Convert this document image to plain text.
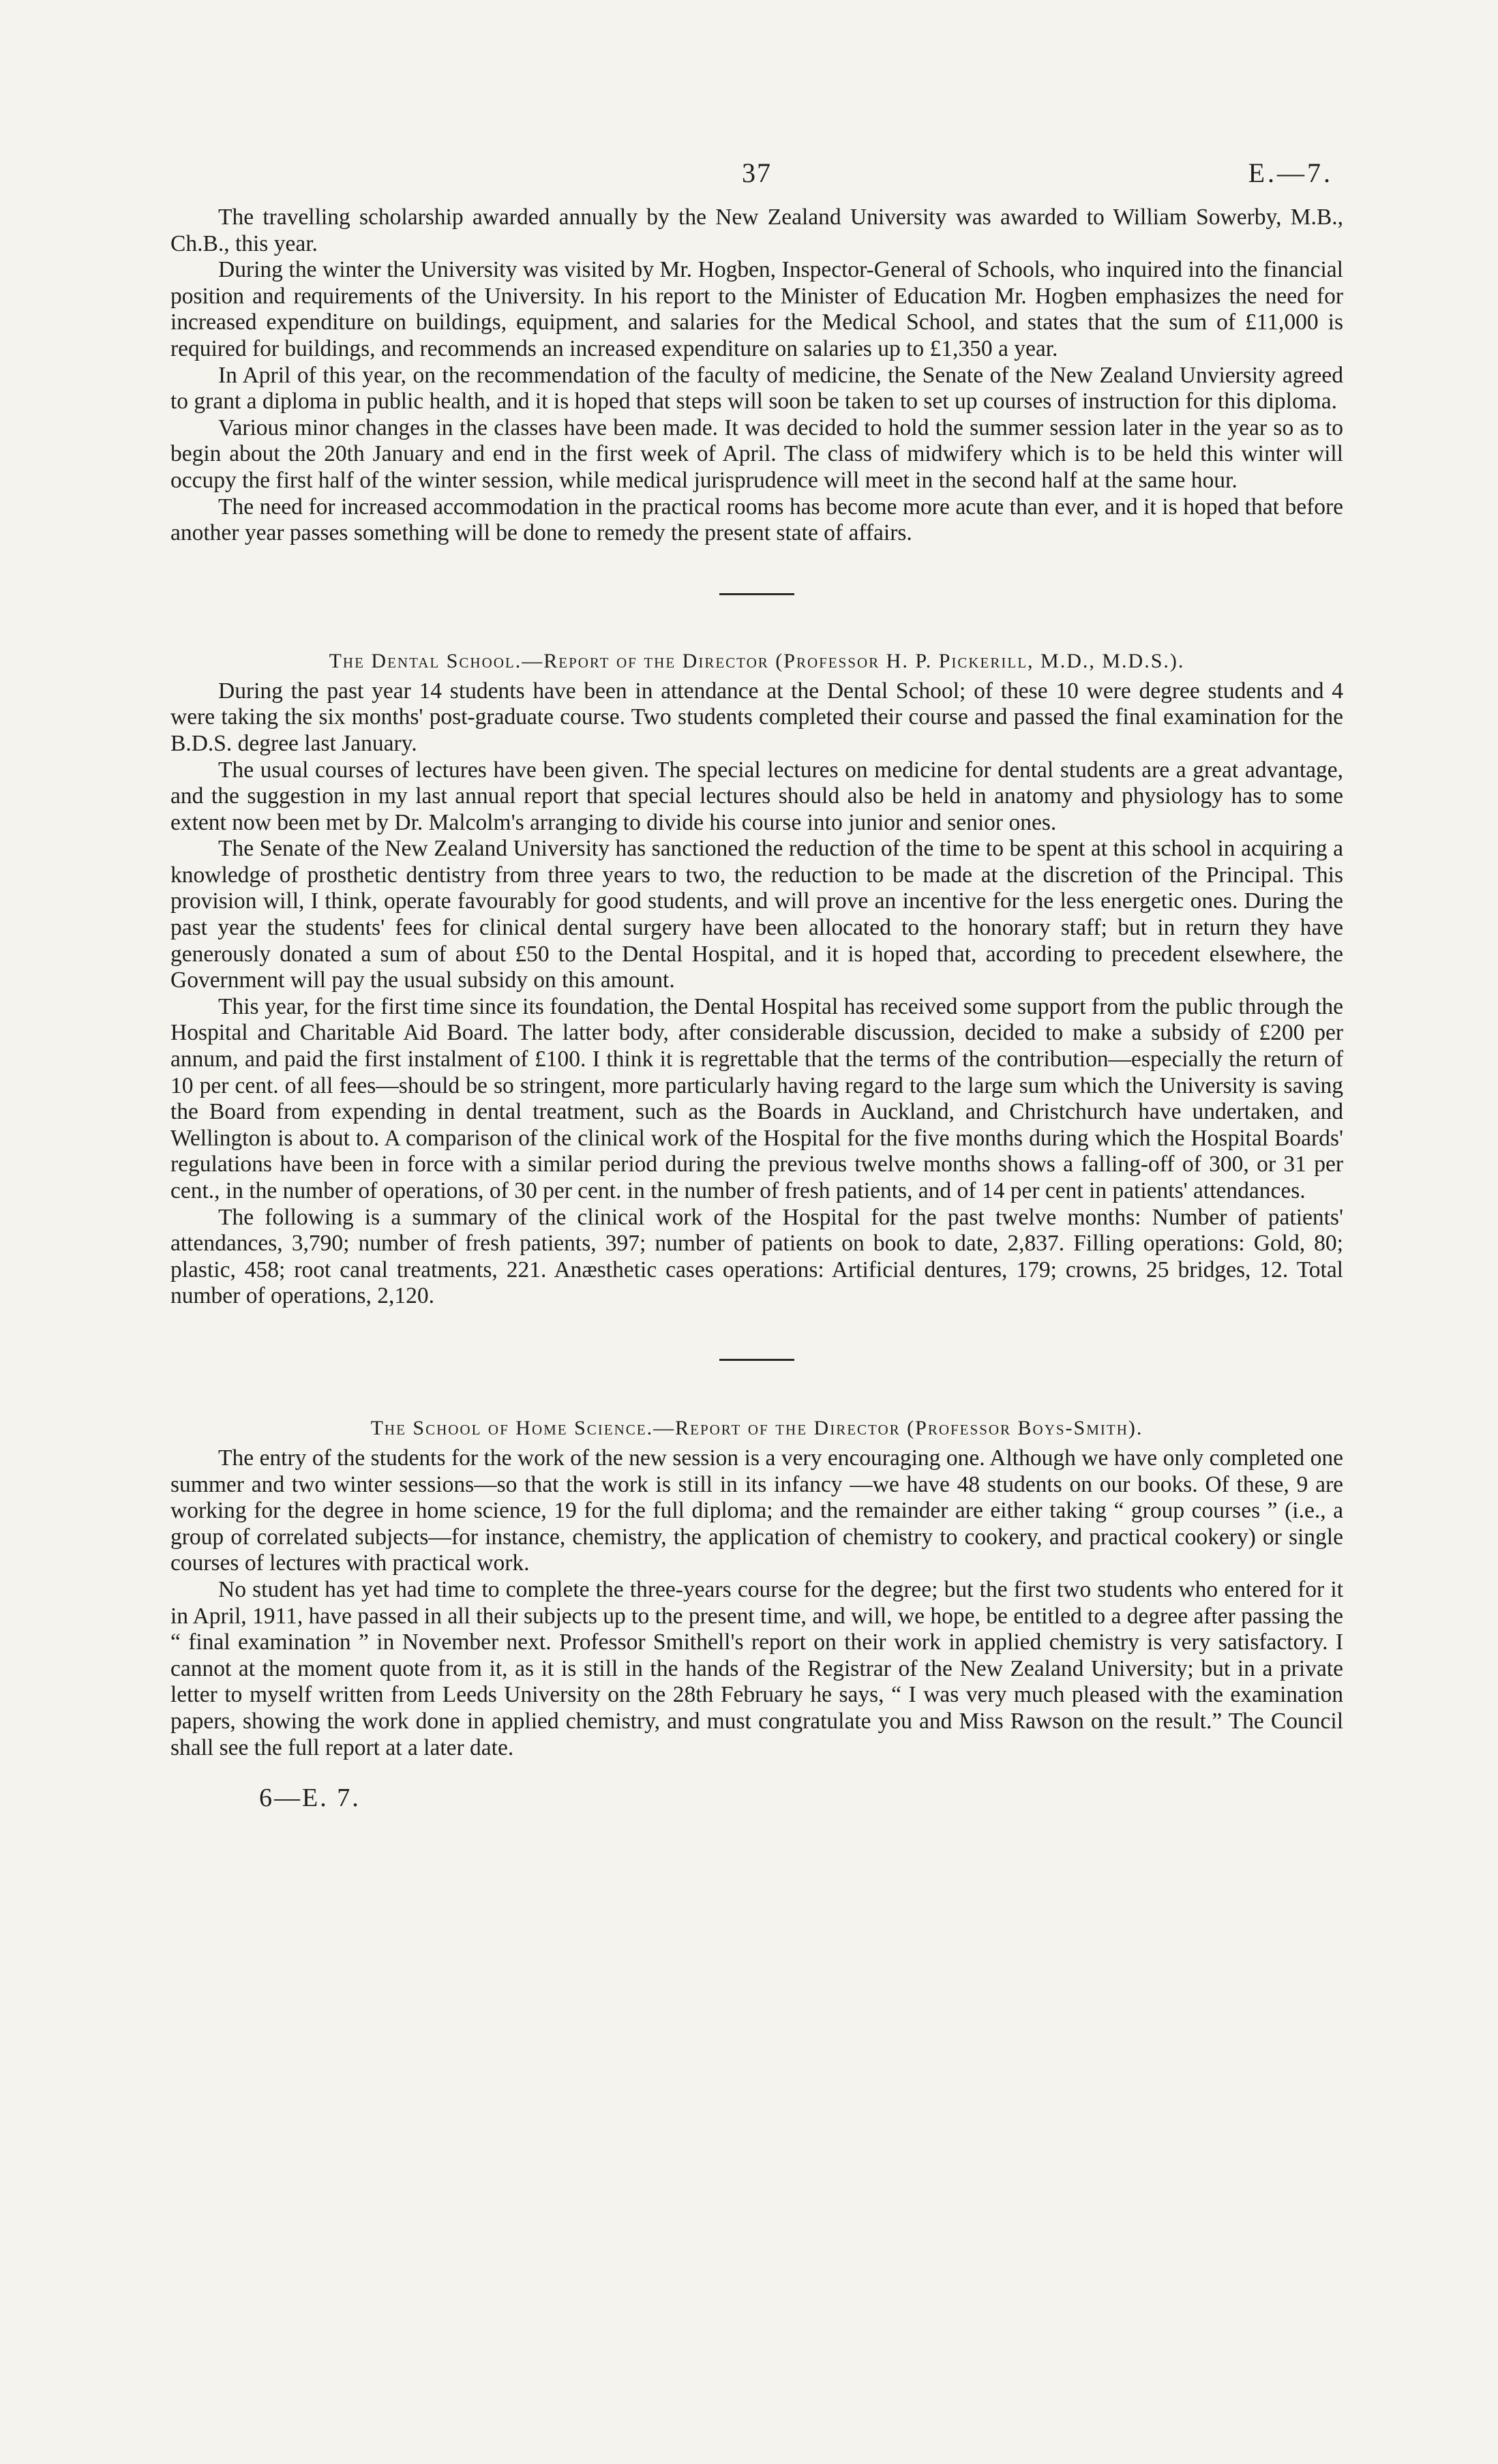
37	E.—7.

The travelling scholarship awarded annually by the New Zealand University was awarded to William Sowerby, M.B., Ch.B., this year.

During the winter the University was visited by Mr. Hogben, Inspector-General of Schools, who inquired into the financial position and requirements of the University. In his report to the Minister of Education Mr. Hogben emphasizes the need for increased expenditure on buildings, equipment, and salaries for the Medical School, and states that the sum of £11,000 is required for buildings, and recommends an increased expenditure on salaries up to £1,350 a year.

In April of this year, on the recommendation of the faculty of medicine, the Senate of the New Zealand Unviersity agreed to grant a diploma in public health, and it is hoped that steps will soon be taken to set up courses of instruction for this diploma.

Various minor changes in the classes have been made. It was decided to hold the summer session later in the year so as to begin about the 20th January and end in the first week of April. The class of midwifery which is to be held this winter will occupy the first half of the winter session, while medical jurisprudence will meet in the second half at the same hour.

The need for increased accommodation in the practical rooms has become more acute than ever, and it is hoped that before another year passes something will be done to remedy the present state of affairs.

The Dental School.—Report of the Director (Professor H. P. Pickerill, M.D., M.D.S.).

During the past year 14 students have been in attendance at the Dental School; of these 10 were degree students and 4 were taking the six months' post-graduate course. Two students completed their course and passed the final examination for the B.D.S. degree last January.

The usual courses of lectures have been given. The special lectures on medicine for dental students are a great advantage, and the suggestion in my last annual report that special lectures should also be held in anatomy and physiology has to some extent now been met by Dr. Malcolm's arranging to divide his course into junior and senior ones.

The Senate of the New Zealand University has sanctioned the reduction of the time to be spent at this school in acquiring a knowledge of prosthetic dentistry from three years to two, the reduction to be made at the discretion of the Principal. This provision will, I think, operate favourably for good students, and will prove an incentive for the less energetic ones. During the past year the students' fees for clinical dental surgery have been allocated to the honorary staff; but in return they have generously donated a sum of about £50 to the Dental Hospital, and it is hoped that, according to precedent elsewhere, the Government will pay the usual subsidy on this amount.

This year, for the first time since its foundation, the Dental Hospital has received some support from the public through the Hospital and Charitable Aid Board. The latter body, after considerable discussion, decided to make a subsidy of £200 per annum, and paid the first instalment of £100. I think it is regrettable that the terms of the contribution—especially the return of 10 per cent. of all fees—should be so stringent, more particularly having regard to the large sum which the University is saving the Board from expending in dental treatment, such as the Boards in Auckland, and Christchurch have undertaken, and Wellington is about to. A comparison of the clinical work of the Hospital for the five months during which the Hospital Boards' regulations have been in force with a similar period during the previous twelve months shows a falling-off of 300, or 31 per cent., in the number of operations, of 30 per cent. in the number of fresh patients, and of 14 per cent in patients' attendances.

The following is a summary of the clinical work of the Hospital for the past twelve months: Number of patients' attendances, 3,790; number of fresh patients, 397; number of patients on book to date, 2,837. Filling operations: Gold, 80; plastic, 458; root canal treatments, 221. Anæsthetic cases operations: Artificial dentures, 179; crowns, 25 bridges, 12. Total number of operations, 2,120.

The School of Home Science.—Report of the Director (Professor Boys-Smith).

The entry of the students for the work of the new session is a very encouraging one. Although we have only completed one summer and two winter sessions—so that the work is still in its infancy —we have 48 students on our books. Of these, 9 are working for the degree in home science, 19 for the full diploma; and the remainder are either taking “ group courses ” (i.e., a group of correlated subjects—for instance, chemistry, the application of chemistry to cookery, and practical cookery) or single courses of lectures with practical work.

No student has yet had time to complete the three-years course for the degree; but the first two students who entered for it in April, 1911, have passed in all their subjects up to the present time, and will, we hope, be entitled to a degree after passing the “ final examination ” in November next. Professor Smithell's report on their work in applied chemistry is very satisfactory. I cannot at the moment quote from it, as it is still in the hands of the Registrar of the New Zealand University; but in a private letter to myself written from Leeds University on the 28th February he says, “ I was very much pleased with the examination papers, showing the work done in applied chemistry, and must congratulate you and Miss Rawson on the result.” The Council shall see the full report at a later date.

6—E. 7.
